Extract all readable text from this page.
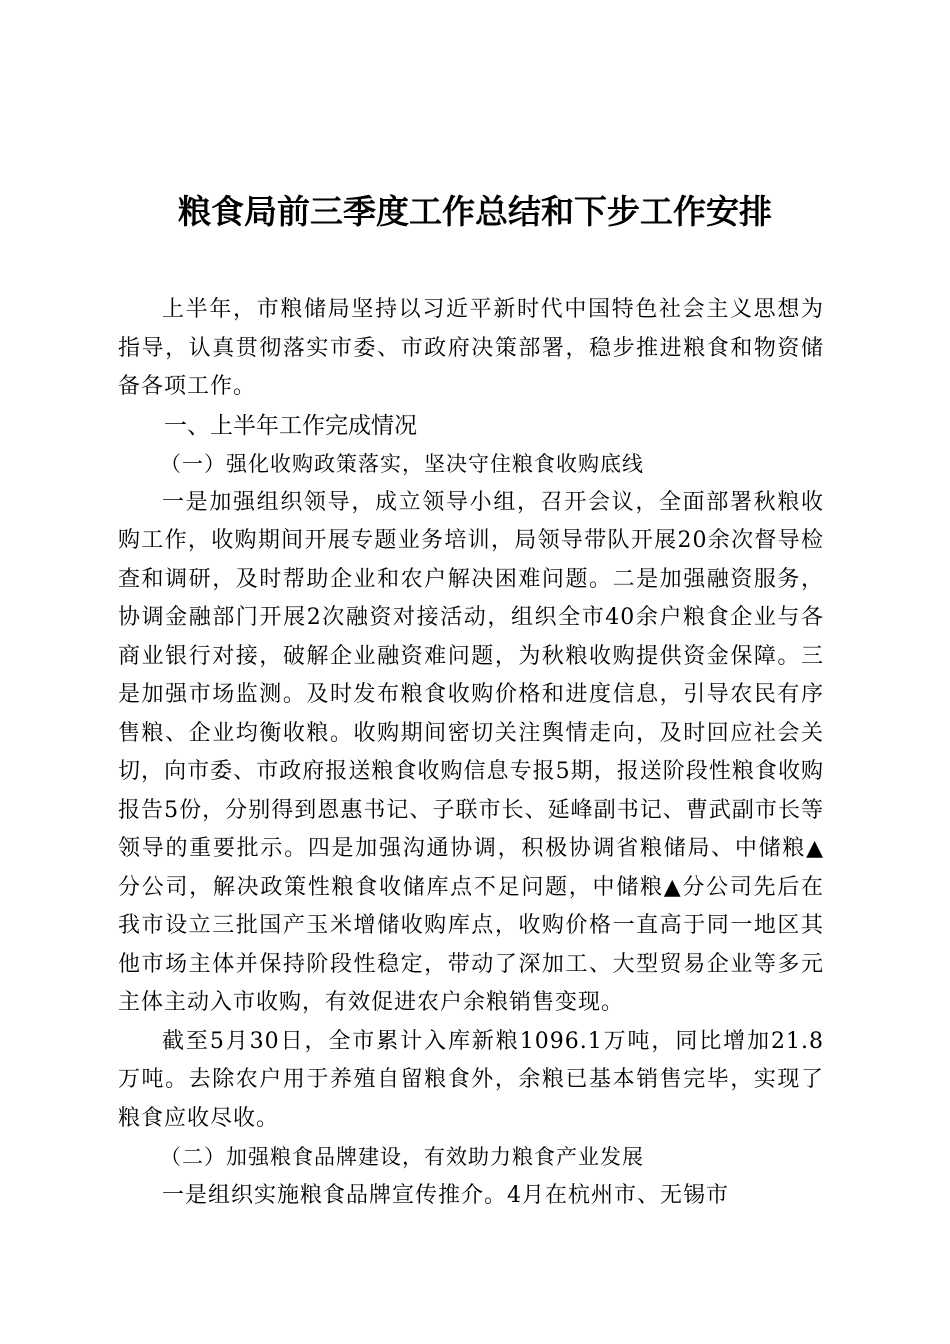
粮食局前三季度工作总结和下步工作安排

上半年，市粮储局坚持以习近平新时代中国特色社会主义思想为指导，认真贯彻落实市委、市政府决策部署，稳步推进粮食和物资储备各项工作。

一、上半年工作完成情况

（一）强化收购政策落实，坚决守住粮食收购底线

一是加强组织领导，成立领导小组，召开会议，全面部署秋粮收购工作，收购期间开展专题业务培训，局领导带队开展20余次督导检查和调研，及时帮助企业和农户解决困难问题。二是加强融资服务，协调金融部门开展2次融资对接活动，组织全市40余户粮食企业与各商业银行对接，破解企业融资难问题，为秋粮收购提供资金保障。三是加强市场监测。及时发布粮食收购价格和进度信息，引导农民有序售粮、企业均衡收粮。收购期间密切关注舆情走向，及时回应社会关切，向市委、市政府报送粮食收购信息专报5期，报送阶段性粮食收购报告5份，分别得到恩惠书记、子联市长、延峰副书记、曹武副市长等领导的重要批示。四是加强沟通协调，积极协调省粮储局、中储粮▲分公司，解决政策性粮食收储库点不足问题，中储粮▲分公司先后在我市设立三批国产玉米增储收购库点，收购价格一直高于同一地区其他市场主体并保持阶段性稳定，带动了深加工、大型贸易企业等多元主体主动入市收购，有效促进农户余粮销售变现。

截至5月30日，全市累计入库新粮1096.1万吨，同比增加21.8万吨。去除农户用于养殖自留粮食外，余粮已基本销售完毕，实现了粮食应收尽收。

（二）加强粮食品牌建设，有效助力粮食产业发展

一是组织实施粮食品牌宣传推介。4月在杭州市、无锡市
